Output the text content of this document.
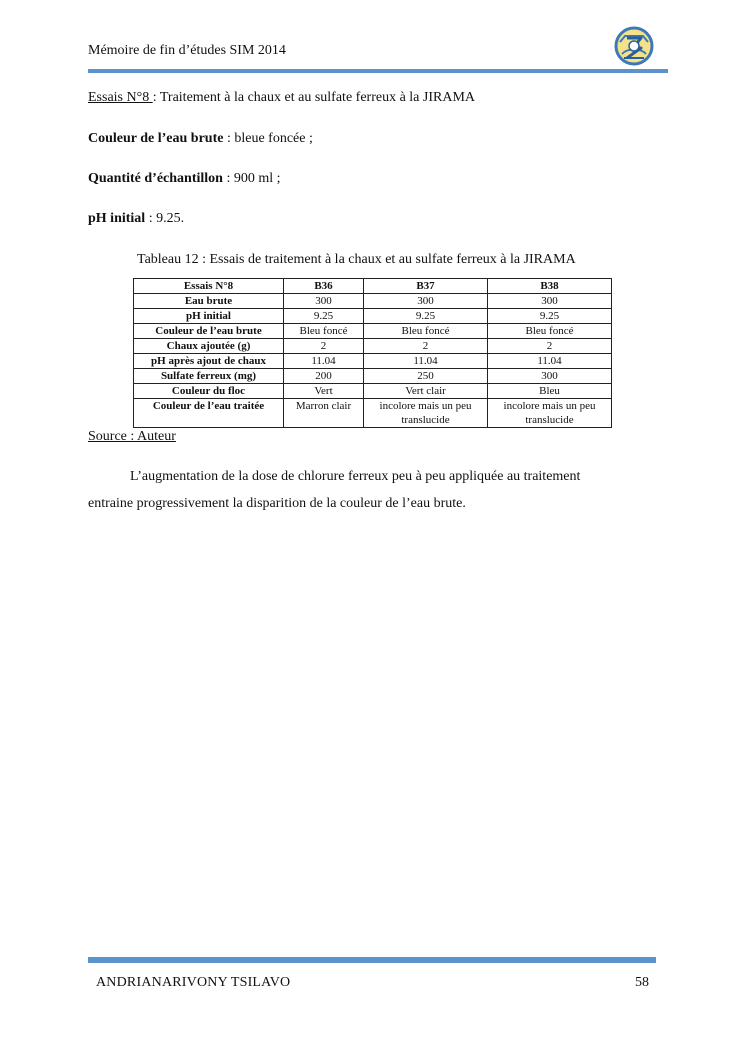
Mémoire de fin d’études SIM 2014
Essais N°8 : Traitement à la chaux et au sulfate ferreux à la JIRAMA
Couleur de l’eau brute : bleue foncée ;
Quantité d’échantillon : 900 ml ;
pH initial : 9.25.
Tableau 12 : Essais de traitement à la chaux et au sulfate ferreux à la JIRAMA
Essais N°8	B36	B37	B38
Eau brute	300	300	300
pH initial	9.25	9.25	9.25
Couleur de l’eau brute	Bleu foncé	Bleu foncé	Bleu foncé
Chaux ajoutée (g)	2	2	2
pH après ajout de chaux	11.04	11.04	11.04
Sulfate ferreux (mg)	200	250	300
Couleur du floc	Vert	Vert clair	Bleu
Couleur de l’eau traitée	Marron clair	incolore mais un peu translucide	incolore mais un peu translucide
Source : Auteur
L’augmentation de la dose de chlorure ferreux peu à peu appliquée au traitement
entraine progressivement la disparition de la couleur de l’eau brute.
ANDRIANARIVONY TSILAVO	58
